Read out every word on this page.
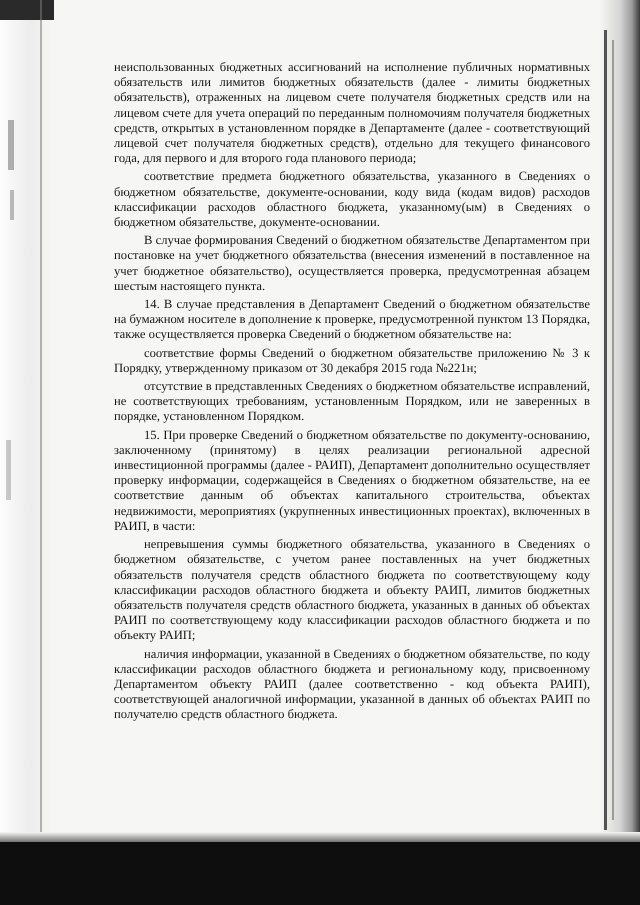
неиспользованных бюджетных ассигнований на исполнение публичных нормативных обязательств или лимитов бюджетных обязательств (далее - лимиты бюджетных обязательств), отраженных на лицевом счете получателя бюджетных средств или на лицевом счете для учета операций по переданным полномочиям получателя бюджетных средств, открытых в установленном порядке в Департаменте (далее - соответствующий лицевой счет получателя бюджетных средств), отдельно для текущего финансового года, для первого и для второго года планового периода;

соответствие предмета бюджетного обязательства, указанного в Сведениях о бюджетном обязательстве, документе-основании, коду вида (кодам видов) расходов классификации расходов областного бюджета, указанному(ым) в Сведениях о бюджетном обязательстве, документе-основании.

В случае формирования Сведений о бюджетном обязательстве Департаментом при постановке на учет бюджетного обязательства (внесения изменений в поставленное на учет бюджетное обязательство), осуществляется проверка, предусмотренная абзацем шестым настоящего пункта.

14. В случае представления в Департамент Сведений о бюджетном обязательстве на бумажном носителе в дополнение к проверке, предусмотренной пунктом 13 Порядка, также осуществляется проверка Сведений о бюджетном обязательстве на:

соответствие формы Сведений о бюджетном обязательстве приложению № 3 к Порядку, утвержденному приказом от 30 декабря 2015 года №221н;

отсутствие в представленных Сведениях о бюджетном обязательстве исправлений, не соответствующих требованиям, установленным Порядком, или не заверенных в порядке, установленном Порядком.

15. При проверке Сведений о бюджетном обязательстве по документу-основанию, заключенному (принятому) в целях реализации региональной адресной инвестиционной программы (далее - РАИП), Департамент дополнительно осуществляет проверку информации, содержащейся в Сведениях о бюджетном обязательстве, на ее соответствие данным об объектах капитального строительства, объектах недвижимости, мероприятиях (укрупненных инвестиционных проектах), включенных в РАИП, в части:

непревышения суммы бюджетного обязательства, указанного в Сведениях о бюджетном обязательстве, с учетом ранее поставленных на учет бюджетных обязательств получателя средств областного бюджета по соответствующему коду классификации расходов областного бюджета и объекту РАИП, лимитов бюджетных обязательств получателя средств областного бюджета, указанных в данных об объектах РАИП по соответствующему коду классификации расходов областного бюджета и по объекту РАИП;

наличия информации, указанной в Сведениях о бюджетном обязательстве, по коду классификации расходов областного бюджета и региональному коду, присвоенному Департаментом объекту РАИП (далее соответственно - код объекта РАИП), соответствующей аналогичной информации, указанной в данных об объектах РАИП по получателю средств областного бюджета.
